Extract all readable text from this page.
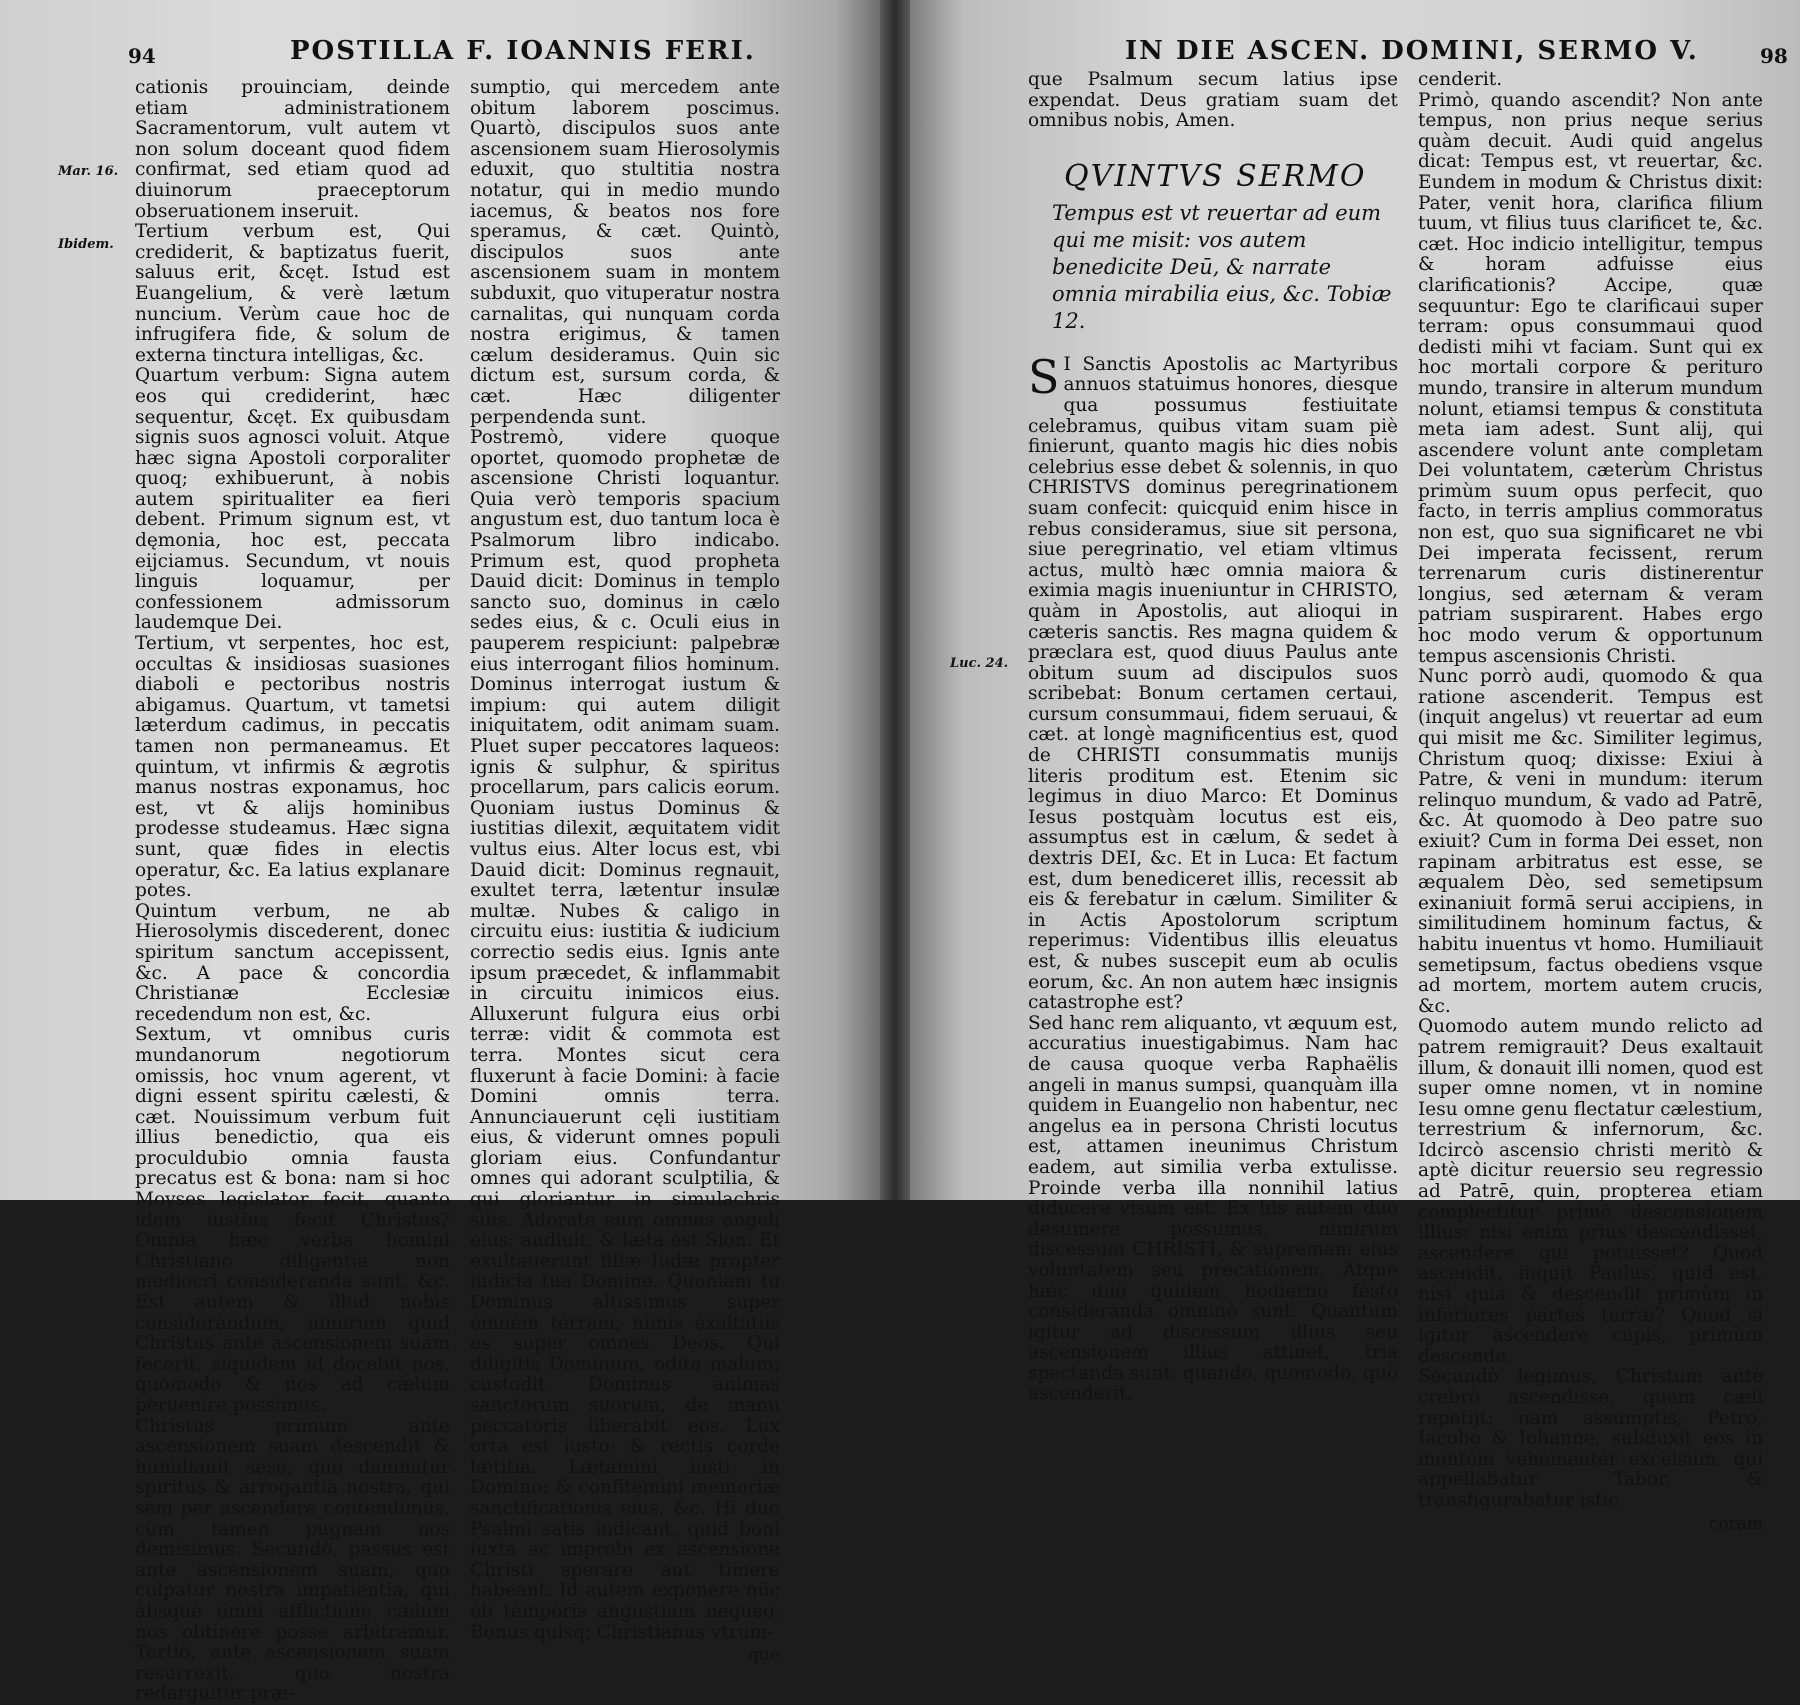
94	POSTILLA F. IOANNIS FERI.
Mar. 16.
Ibidem.

cationis prouinciam, deinde etiam administrationem Sacramentorum, vult autem vt non solum doceant quod fidem confirmat, sed etiam quod ad diuinorum praeceptorum obseruationem inseruit.

Tertium verbum est, Qui crediderit, & baptizatus fuerit, saluus erit, &cęt. Istud est Euangelium, & verè lætum nuncium. Verùm caue hoc de infrugifera fide, & solum de externa tinctura intelligas, &c.

Quartum verbum: Signa autem eos qui crediderint, hæc sequentur, &cęt. Ex quibusdam signis suos agnosci voluit. Atque hæc signa Apostoli corporaliter quoq; exhibuerunt, à nobis autem spiritualiter ea fieri debent. Primum signum est, vt dęmonia, hoc est, peccata eijciamus. Secundum, vt nouis linguis loquamur, per confessionem admissorum laudemque Dei.

Tertium, vt serpentes, hoc est, occultas & insidiosas suasiones diaboli e pectoribus nostris abigamus. Quartum, vt tametsi læterdum cadimus, in peccatis tamen non permaneamus. Et quintum, vt infirmis & ægrotis manus nostras exponamus, hoc est, vt & alijs hominibus prodesse studeamus. Hæc signa sunt, quæ fides in electis operatur, &c. Ea latius explanare potes.

Quintum verbum, ne ab Hierosolymis discederent, donec spiritum sanctum accepissent, &c. A pace & concordia Christianæ Ecclesiæ recedendum non est, &c.

Sextum, vt omnibus curis mundanorum negotiorum omissis, hoc vnum agerent, vt digni essent spiritu cælesti, & cæt. Nouissimum verbum fuit illius benedictio, qua eis proculdubio omnia fausta precatus est & bona: nam si hoc Moyses legislator fecit, quanto idem iustius fecit Christus? Omnia hæc verba homini Christiano diligentia non mediocri consideranda sunt, &c. Est autem & illud nobis considerandum, nimirum quid Christus ante ascensionem suam fecerit, siquidem id docebit nos, quomodo & nos ad cælum peruenire possimus.

Christus primum ante ascensionem suam descendit & humiliauit sese, quo damnatur spiritus & arrogantia nostra, qui sem per ascendere contendimus, cùm tamen pugnam nos demisimus. Secundò, passus est ante ascensionem suam, quo culpatur nostra impatientia, qui absque omni afflictione cælum nos obtinere posse arbitramur. Tertiò, ante ascensionem suam resurrexit, quo nostra redarguitur præ-

sumptio, qui mercedem ante obitum laborem poscimus. Quartò, discipulos suos ante ascensionem suam Hierosolymis eduxit, quo stultitia nostra notatur, qui in medio mundo iacemus, & beatos nos fore speramus, & cæt. Quintò, discipulos suos ante ascensionem suam in montem subduxit, quo vituperatur nostra carnalitas, qui nunquam corda nostra erigimus, & tamen cælum desideramus. Quin sic dictum est, sursum corda, & cæt. Hæc diligenter perpendenda sunt.

Postremò, videre quoque oportet, quomodo prophetæ de ascensione Christi loquantur. Quia verò temporis spacium angustum est, duo tantum loca è Psalmorum libro indicabo. Primum est, quod propheta Dauid dicit: Dominus in templo sancto suo, dominus in cælo sedes eius, & c. Oculi eius in pauperem respiciunt: palpebræ eius interrogant filios hominum. Dominus interrogat iustum & impium: qui autem diligit iniquitatem, odit animam suam. Pluet super peccatores laqueos: ignis & sulphur, & spiritus procellarum, pars calicis eorum. Quoniam iustus Dominus & iustitias dilexit, æquitatem vidit vultus eius. Alter locus est, vbi Dauid dicit: Dominus regnauit, exultet terra, lætentur insulæ multæ. Nubes & caligo in circuitu eius: iustitia & iudicium correctio sedis eius. Ignis ante ipsum præcedet, & inflammabit in circuitu inimicos eius. Alluxerunt fulgura eius orbi terræ: vidit & commota est terra. Montes sicut cera fluxerunt à facie Domini: à facie Domini omnis terra. Annunciauerunt cęli iustitiam eius, & viderunt omnes populi gloriam eius. Confundantur omnes qui adorant sculptilia, & qui gloriantur in simulachris suis. Adorate eum omnes angeli eius: audiuit, & læta est Sion. Et exultauerunt filiæ Iudæ propter iudicia tua Domine. Quoniam tu Dominus altissimus super omnem terram, nimis exaltatus es super omnes Deos. Qui diligitis Dominum, odite malum: custodit Dominus animas sanctorum suorum, de manu peccatoris liberabit eos. Lux orta est iusto: & rectis corde lætitia. Lætamini iusti in Domino: & confitemini memoriæ sanctificationis eius, &c. Hi duo Psalmi satis indicant, quid boni iuxta ac improbi ex ascensione Christi sperare aut timere habeant. Id autem exponere nūc ob temporis angustiam nequeo. Bonus quisq; Christianus vtrum-

que
IN DIE ASCEN. DOMINI, SERMO V.	98
Luc. 24.

que Psalmum secum latius ipse expendat. Deus gratiam suam det omnibus nobis, Amen.

QVINTVS SERMO
Tempus est vt reuertar ad eum qui me misit: vos autem benedicite Deū, & narrate omnia mirabilia eius, &c. Tobiæ 12.

S I Sanctis Apostolis ac Martyribus annuos statuimus honores, diesque qua possumus festiuitate celebramus, quibus vitam suam piè finierunt, quanto magis hic dies nobis celebrius esse debet & solennis, in quo CHRISTVS dominus peregrinationem suam confecit: quicquid enim hisce in rebus consideramus, siue sit persona, siue peregrinatio, vel etiam vltimus actus, multò hæc omnia maiora & eximia magis inueniuntur in CHRISTO, quàm in Apostolis, aut alioqui in cæteris sanctis. Res magna quidem & præclara est, quod diuus Paulus ante obitum suum ad discipulos suos scribebat: Bonum certamen certaui, cursum consummaui, fidem seruaui, & cæt. at longè magnificentius est, quod de CHRISTI consummatis munijs literis proditum est. Etenim sic legimus in diuo Marco: Et Dominus Iesus postquàm locutus est eis, assumptus est in cælum, & sedet à dextris DEI, &c. Et in Luca: Et factum est, dum benediceret illis, recessit ab eis & ferebatur in cælum. Similiter & in Actis Apostolorum scriptum reperimus: Videntibus illis eleuatus est, & nubes suscepit eum ab oculis eorum, &c. An non autem hæc insignis catastrophe est?

Sed hanc rem aliquanto, vt æquum est, accuratius inuestigabimus. Nam hac de causa quoque verba Raphaëlis angeli in manus sumpsi, quanquàm illa quidem in Euangelio non habentur, nec angelus ea in persona Christi locutus est, attamen ineunimus Christum eadem, aut similia verba extulisse. Proinde verba illa nonnihil latius diducere visum est. Ex his autem duo desumere possumus, nimirum discessum CHRISTI, & supremam eius voluntatem seu precationem. Atque hæc duo quidem hodierno festo consideranda omninò sunt. Quantum igitur ad discessum illius seu ascensionem illius attinet, tria spectanda sunt, quando, quomodo, quò ascenderit.

cenderit.

Primò, quando ascendit? Non ante tempus, non prius neque serius quàm decuit. Audi quid angelus dicat: Tempus est, vt reuertar, &c. Eundem in modum & Christus dixit: Pater, venit hora, clarifica filium tuum, vt filius tuus clarificet te, &c. cæt. Hoc indicio intelligitur, tempus & horam adfuisse eius clarificationis? Accipe, quæ sequuntur: Ego te clarificaui super terram: opus consummaui quod dedisti mihi vt faciam. Sunt qui ex hoc mortali corpore & perituro mundo, transire in alterum mundum nolunt, etiamsi tempus & constituta meta iam adest. Sunt alij, qui ascendere volunt ante completam Dei voluntatem, cæterùm Christus primùm suum opus perfecit, quo facto, in terris amplius commoratus non est, quo sua significaret ne vbi Dei imperata fecissent, rerum terrenarum curis distinerentur longius, sed æternam & veram patriam suspirarent. Habes ergo hoc modo verum & opportunum tempus ascensionis Christi.

Nunc porrò audi, quomodo & qua ratione ascenderit. Tempus est (inquit angelus) vt reuertar ad eum qui misit me &c. Similiter legimus, Christum quoq; dixisse: Exiui à Patre, & veni in mundum: iterum relinquo mundum, & vado ad Patrē, &c. At quomodo à Deo patre suo exiuit? Cum in forma Dei esset, non rapinam arbitratus est esse, se æqualem Dèo, sed semetipsum exinaniuit formā serui accipiens, in similitudinem hominum factus, & habitu inuentus vt homo. Humiliauit semetipsum, factus obediens vsque ad mortem, mortem autem crucis, &c.

Quomodo autem mundo relicto ad patrem remigrauit? Deus exaltauit illum, & donauit illi nomen, quod est super omne nomen, vt in nomine Iesu omne genu flectatur cælestium, terrestrium & infernorum, &c. Idcircò ascensio christi meritò & aptè dicitur reuersio seu regressio ad Patrē, quin, propterea etiam complectitur primò descensionem illius: nisi enim prius descendisset, ascendere qui potuisset? Quod ascendit, inquit Paulus, quid est, nisi quia & descendit primùm in inferiores partes terræ? Quod si igitur ascendere cupis, primùm descende.

Secundò legimus, Christum antè crebrò ascendisse, quam cæli repetijt: nam assumptis, Petro, Iacobo & Iohanne, subduxit eos in montem vehementer excelsum, qui appellabatur Tabor, & transfigurabatur istic

coram
